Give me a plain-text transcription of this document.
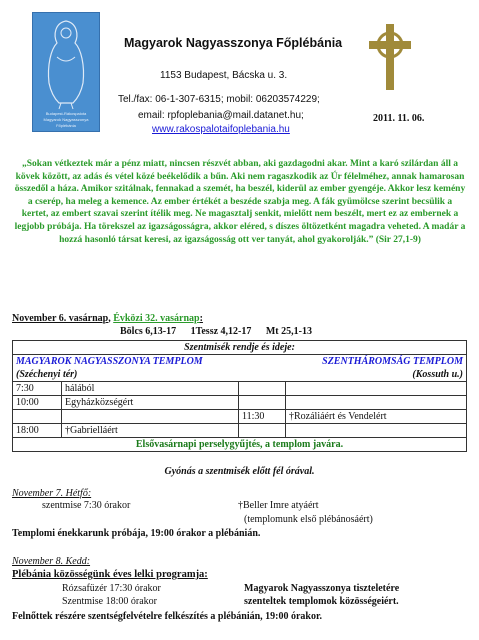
Budapest-Rákospalota
Magyarok Nagyasszonya
Főplébánia
Magyarok Nagyasszonya Főplébánia
1153 Budapest, Bácska u. 3.
Tel./fax: 06-1-307-6315; mobil: 06203574229;
email: rpfoplebania@mail.datanet.hu;
www.rakospalotaifoplebania.hu
2011. 11. 06.
„Sokan vétkeztek már a pénz miatt, nincsen részvét abban, aki gazdagodni akar. Mint a karó szilárdan áll a kövek között, az adás és vétel közé beékelődik a bűn. Aki nem ragaszkodik az Úr félelméhez, annak hamarosan összedől a háza. Amikor szitálnak, fennakad a szemét, ha beszél, kiderül az ember gyengéje. Akkor lesz kemény a cserép, ha meleg a kemence. Az ember értékét a beszéde szabja meg. A fák gyümölcse szerint becsülik a kertet, az embert szavai szerint ítélik meg. Ne magasztalj senkit, mielőtt nem beszélt, mert ez az embernek a legjobb próbája. Ha törekszel az igazságosságra, akkor eléred, s díszes öltözetként magadra veheted. A madár a hozzá hasonló társat keresi, az igazságosság ott ver tanyát, ahol gyakorolják.” (Sir 27,1-9)
November 6. vasárnap, Évközi 32. vasárnap:
Bölcs 6,13-17 1Tessz 4,12-17 Mt 25,1-13
Szentmisék rendje és ideje:			
MAGYAROK NAGYASSZONYA TEMPLOM		SZENTHÁROMSÁG TEMPLOM	
(Széchenyi tér)		(Kossuth u.)	
7:30	hálából		
10:00	Egyházközségért		
		11:30	†Rozáliáért és Vendelért
18:00	†Gabrielláért		
Elsővasárnapi perselygyűjtés, a templom javára.			
Gyónás a szentmisék előtt fél órával.
November 7. Hétfő:
szentmise 7:30 órakor	†Beller Imre atyáért
(templomunk első plébánosáért)
Templomi énekkarunk próbája, 19:00 órakor a plébánián.
November 8. Kedd:
Plébánia közösségünk éves lelki programja:
Rózsafüzér 17:30 órakor
Szentmise 18:00 órakor
Magyarok Nagyasszonya tiszteletére
szenteltek templomok közösségeiért.
Felnőttek részére szentségfelvételre felkészítés a plébánián, 19:00 órakor.
